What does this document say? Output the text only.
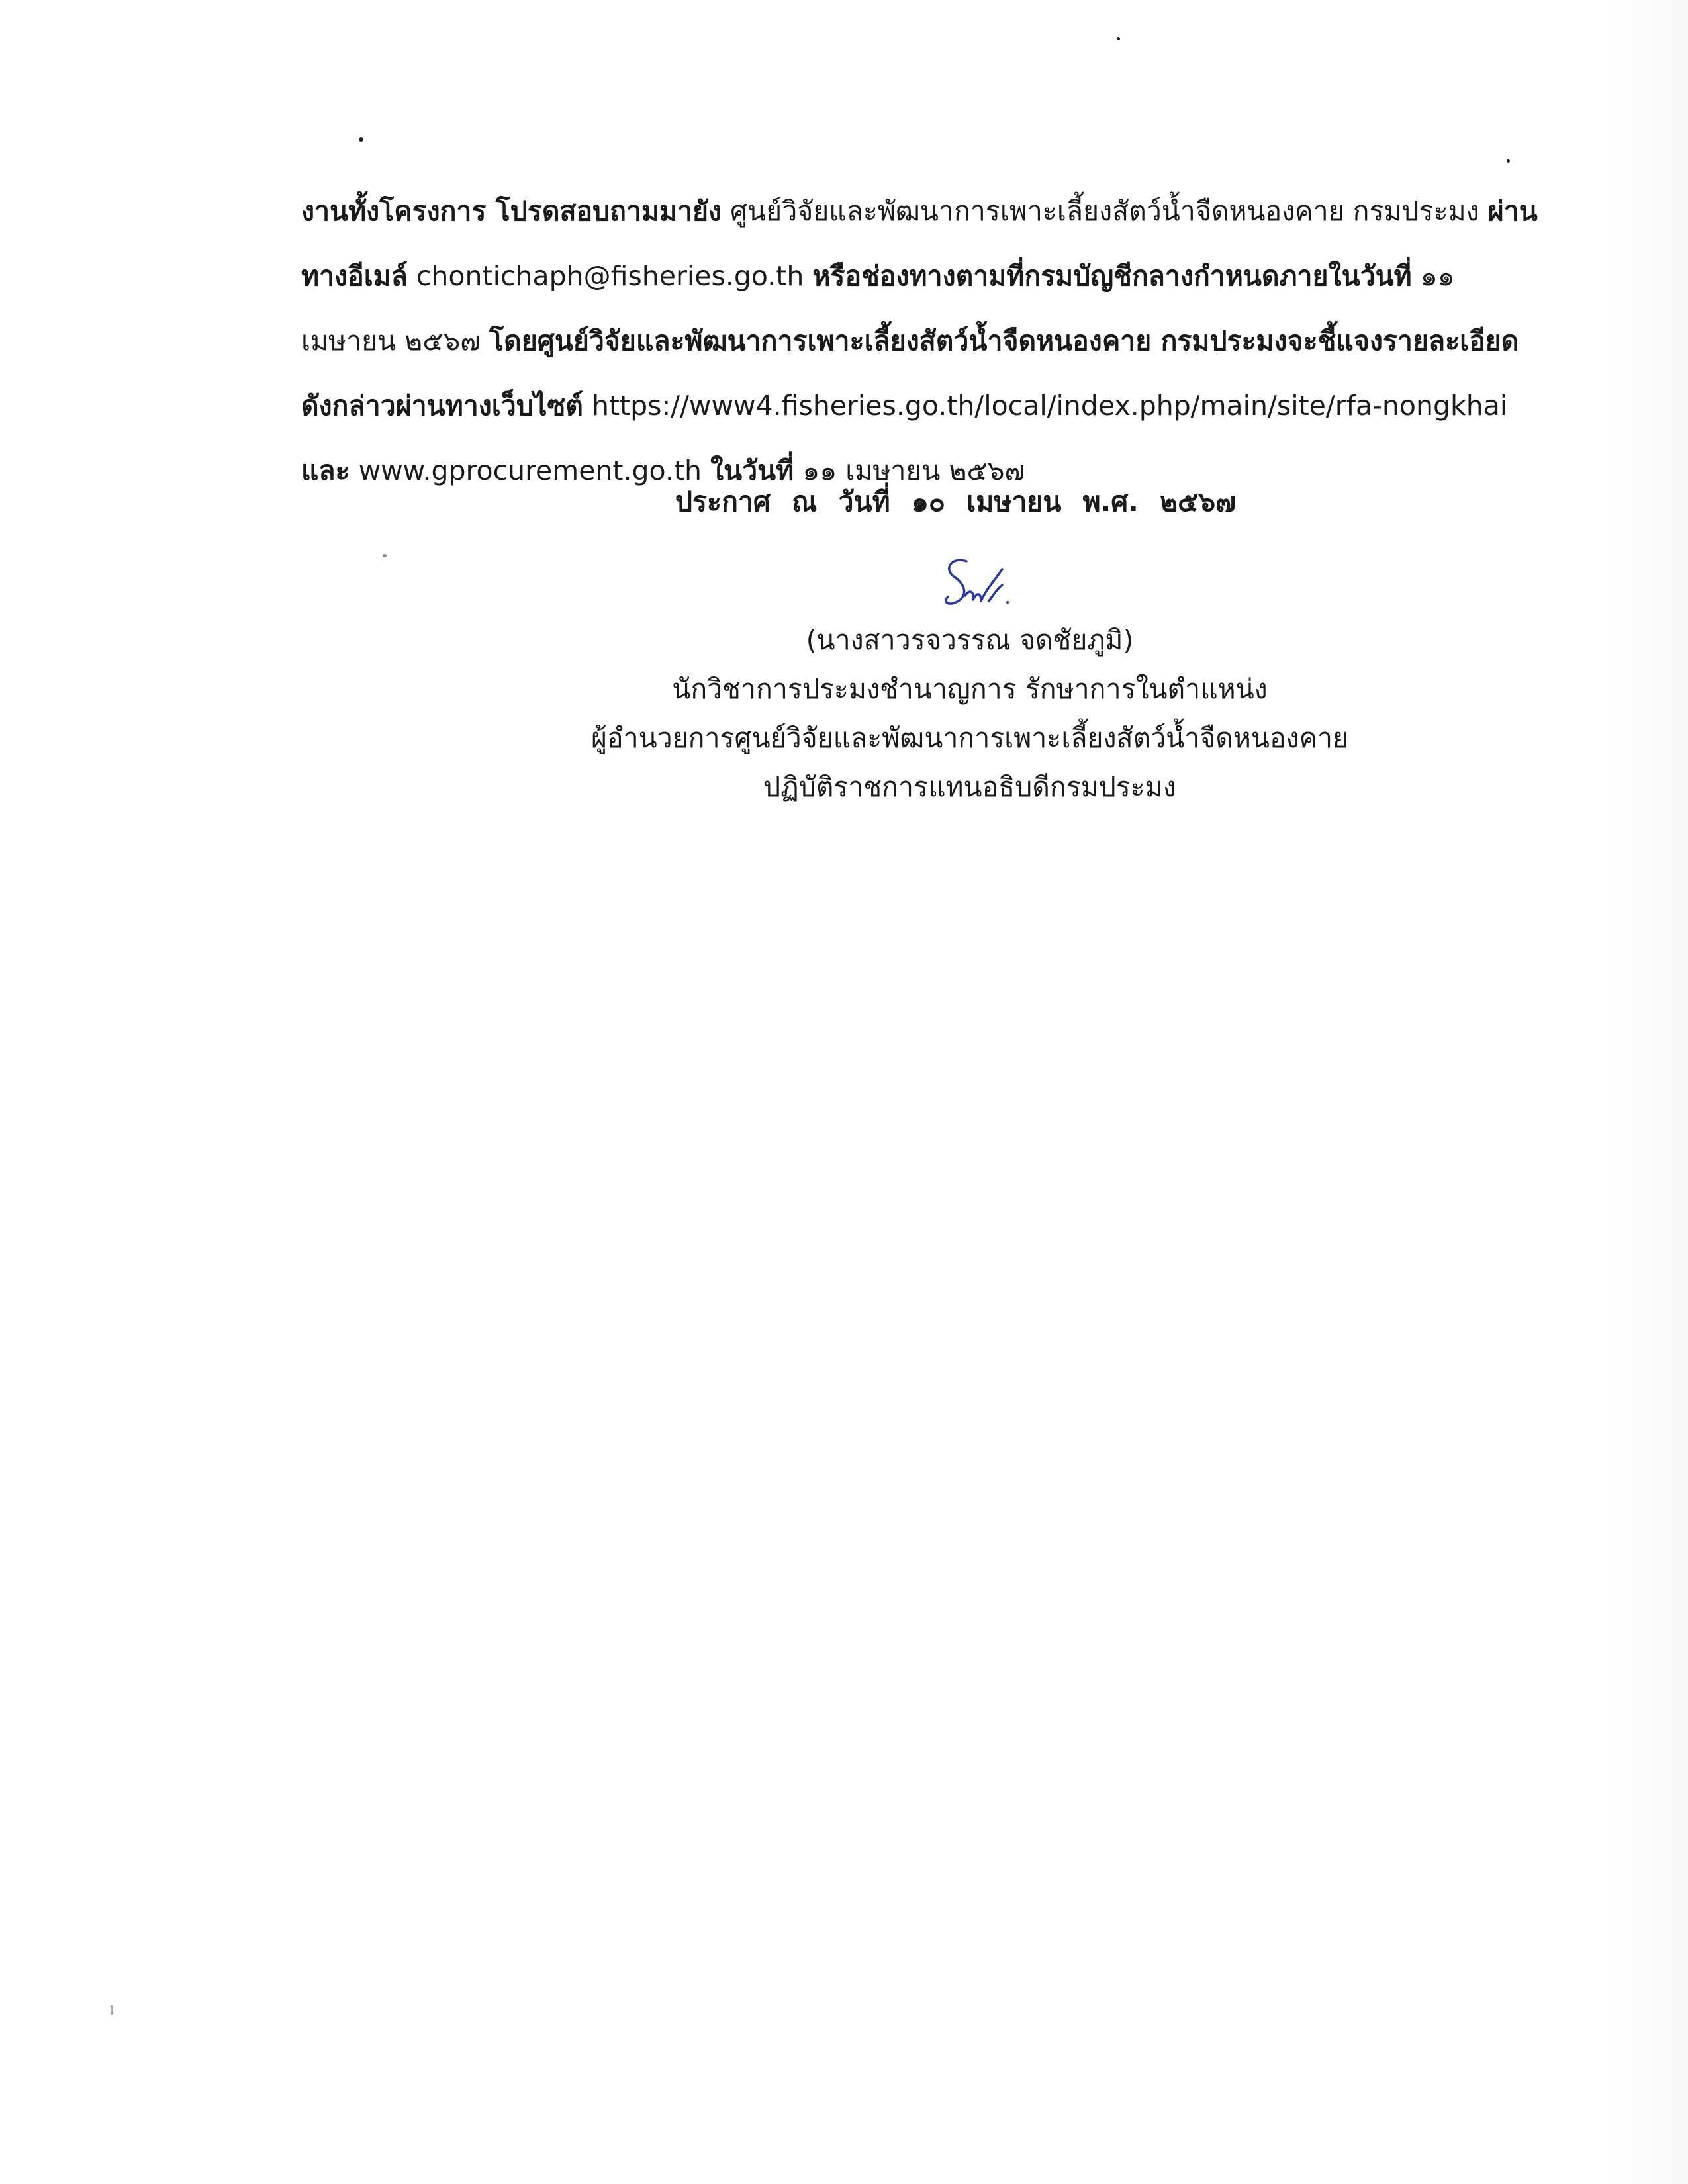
งานทั้งโครงการ โปรดสอบถามมายัง ศูนย์วิจัยและพัฒนาการเพาะเลี้ยงสัตว์น้ำจืดหนองคาย กรมประมง ผ่าน
ทางอีเมล์ chontichaph@fisheries.go.th หรือช่องทางตามที่กรมบัญชีกลางกำหนดภายในวันที่ ๑๑
เมษายน ๒๕๖๗ โดยศูนย์วิจัยและพัฒนาการเพาะเลี้ยงสัตว์น้ำจืดหนองคาย กรมประมงจะชี้แจงรายละเอียด
ดังกล่าวผ่านทางเว็บไซต์ https://www4.fisheries.go.th/local/index.php/main/site/rfa-nongkhai
และ www.gprocurement.go.th ในวันที่ ๑๑ เมษายน ๒๕๖๗
ประกาศ ณ วันที่ ๑๐ เมษายน พ.ศ. ๒๕๖๗
(นางสาวรจวรรณ จดชัยภูมิ)
นักวิชาการประมงชำนาญการ รักษาการในตำแหน่ง
ผู้อำนวยการศูนย์วิจัยและพัฒนาการเพาะเลี้ยงสัตว์น้ำจืดหนองคาย
ปฏิบัติราชการแทนอธิบดีกรมประมง
